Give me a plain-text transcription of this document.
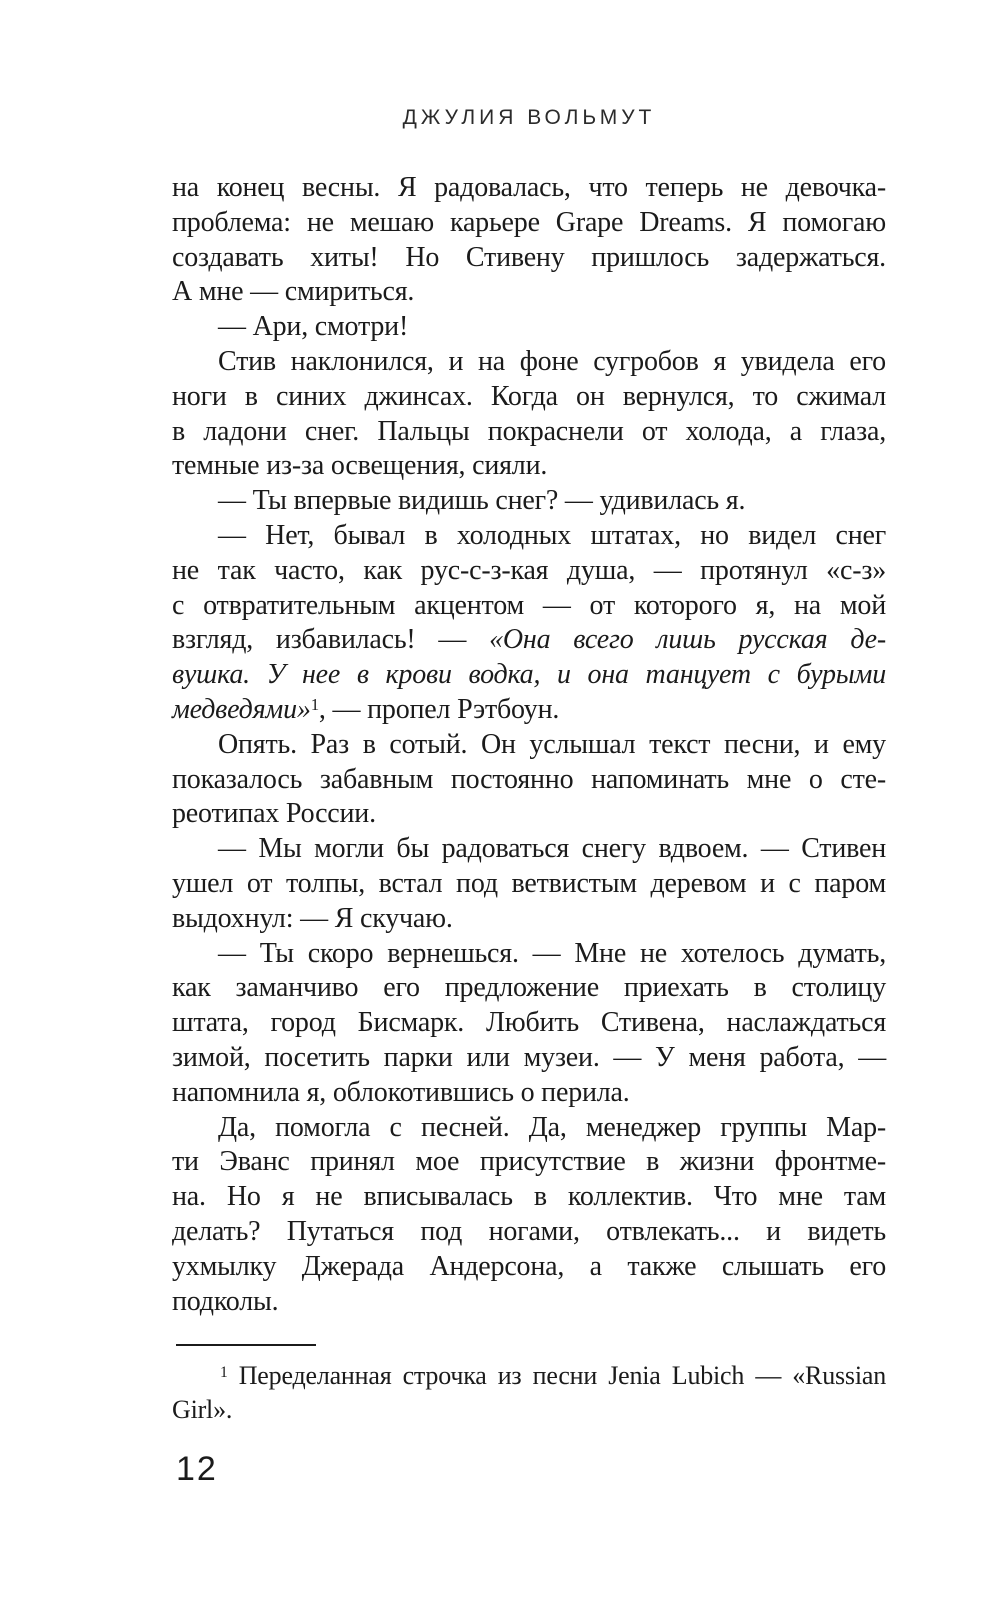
ДЖУЛИЯ ВОЛЬМУТ
на конец весны. Я радовалась, что теперь не девочка-
проблема: не мешаю карьере Grape Dreams. Я помогаю
создавать хиты! Но Стивену пришлось задержаться.
А мне — смириться.
— Ари, смотри!
Стив наклонился, и на фоне сугробов я увидела его
ноги в синих джинсах. Когда он вернулся, то сжимал
в ладони снег. Пальцы покраснели от холода, а глаза,
темные из-за освещения, сияли.
— Ты впервые видишь снег? — удивилась я.
— Нет, бывал в холодных штатах, но видел снег
не так часто, как рус-с-з-кая душа, — протянул «с-з»
с отвратительным акцентом — от которого я, на мой
взгляд, избавилась! — «Она всего лишь русская де-
вушка. У нее в крови водка, и она танцует с бурыми
медведями»$^1$, — пропел Рэтбоун.
Опять. Раз в сотый. Он услышал текст песни, и ему
показалось забавным постоянно напоминать мне о сте-
реотипах России.
— Мы могли бы радоваться снегу вдвоем. — Стивен
ушел от толпы, встал под ветвистым деревом и с паром
выдохнул: — Я скучаю.
— Ты скоро вернешься. — Мне не хотелось думать,
как заманчиво его предложение приехать в столицу
штата, город Бисмарк. Любить Стивена, наслаждаться
зимой, посетить парки или музеи. — У меня работа, —
напомнила я, облокотившись о перила.
Да, помогла с песней. Да, менеджер группы Мар-
ти Эванс принял мое присутствие в жизни фронтме-
на. Но я не вписывалась в коллектив. Что мне там
делать? Путаться под ногами, отвлекать... и видеть
ухмылку Джерада Андерсона, а также слышать его
подколы.
$^1$ Переделанная строчка из песни Jenia Lubich — «Russian
Girl».
12
